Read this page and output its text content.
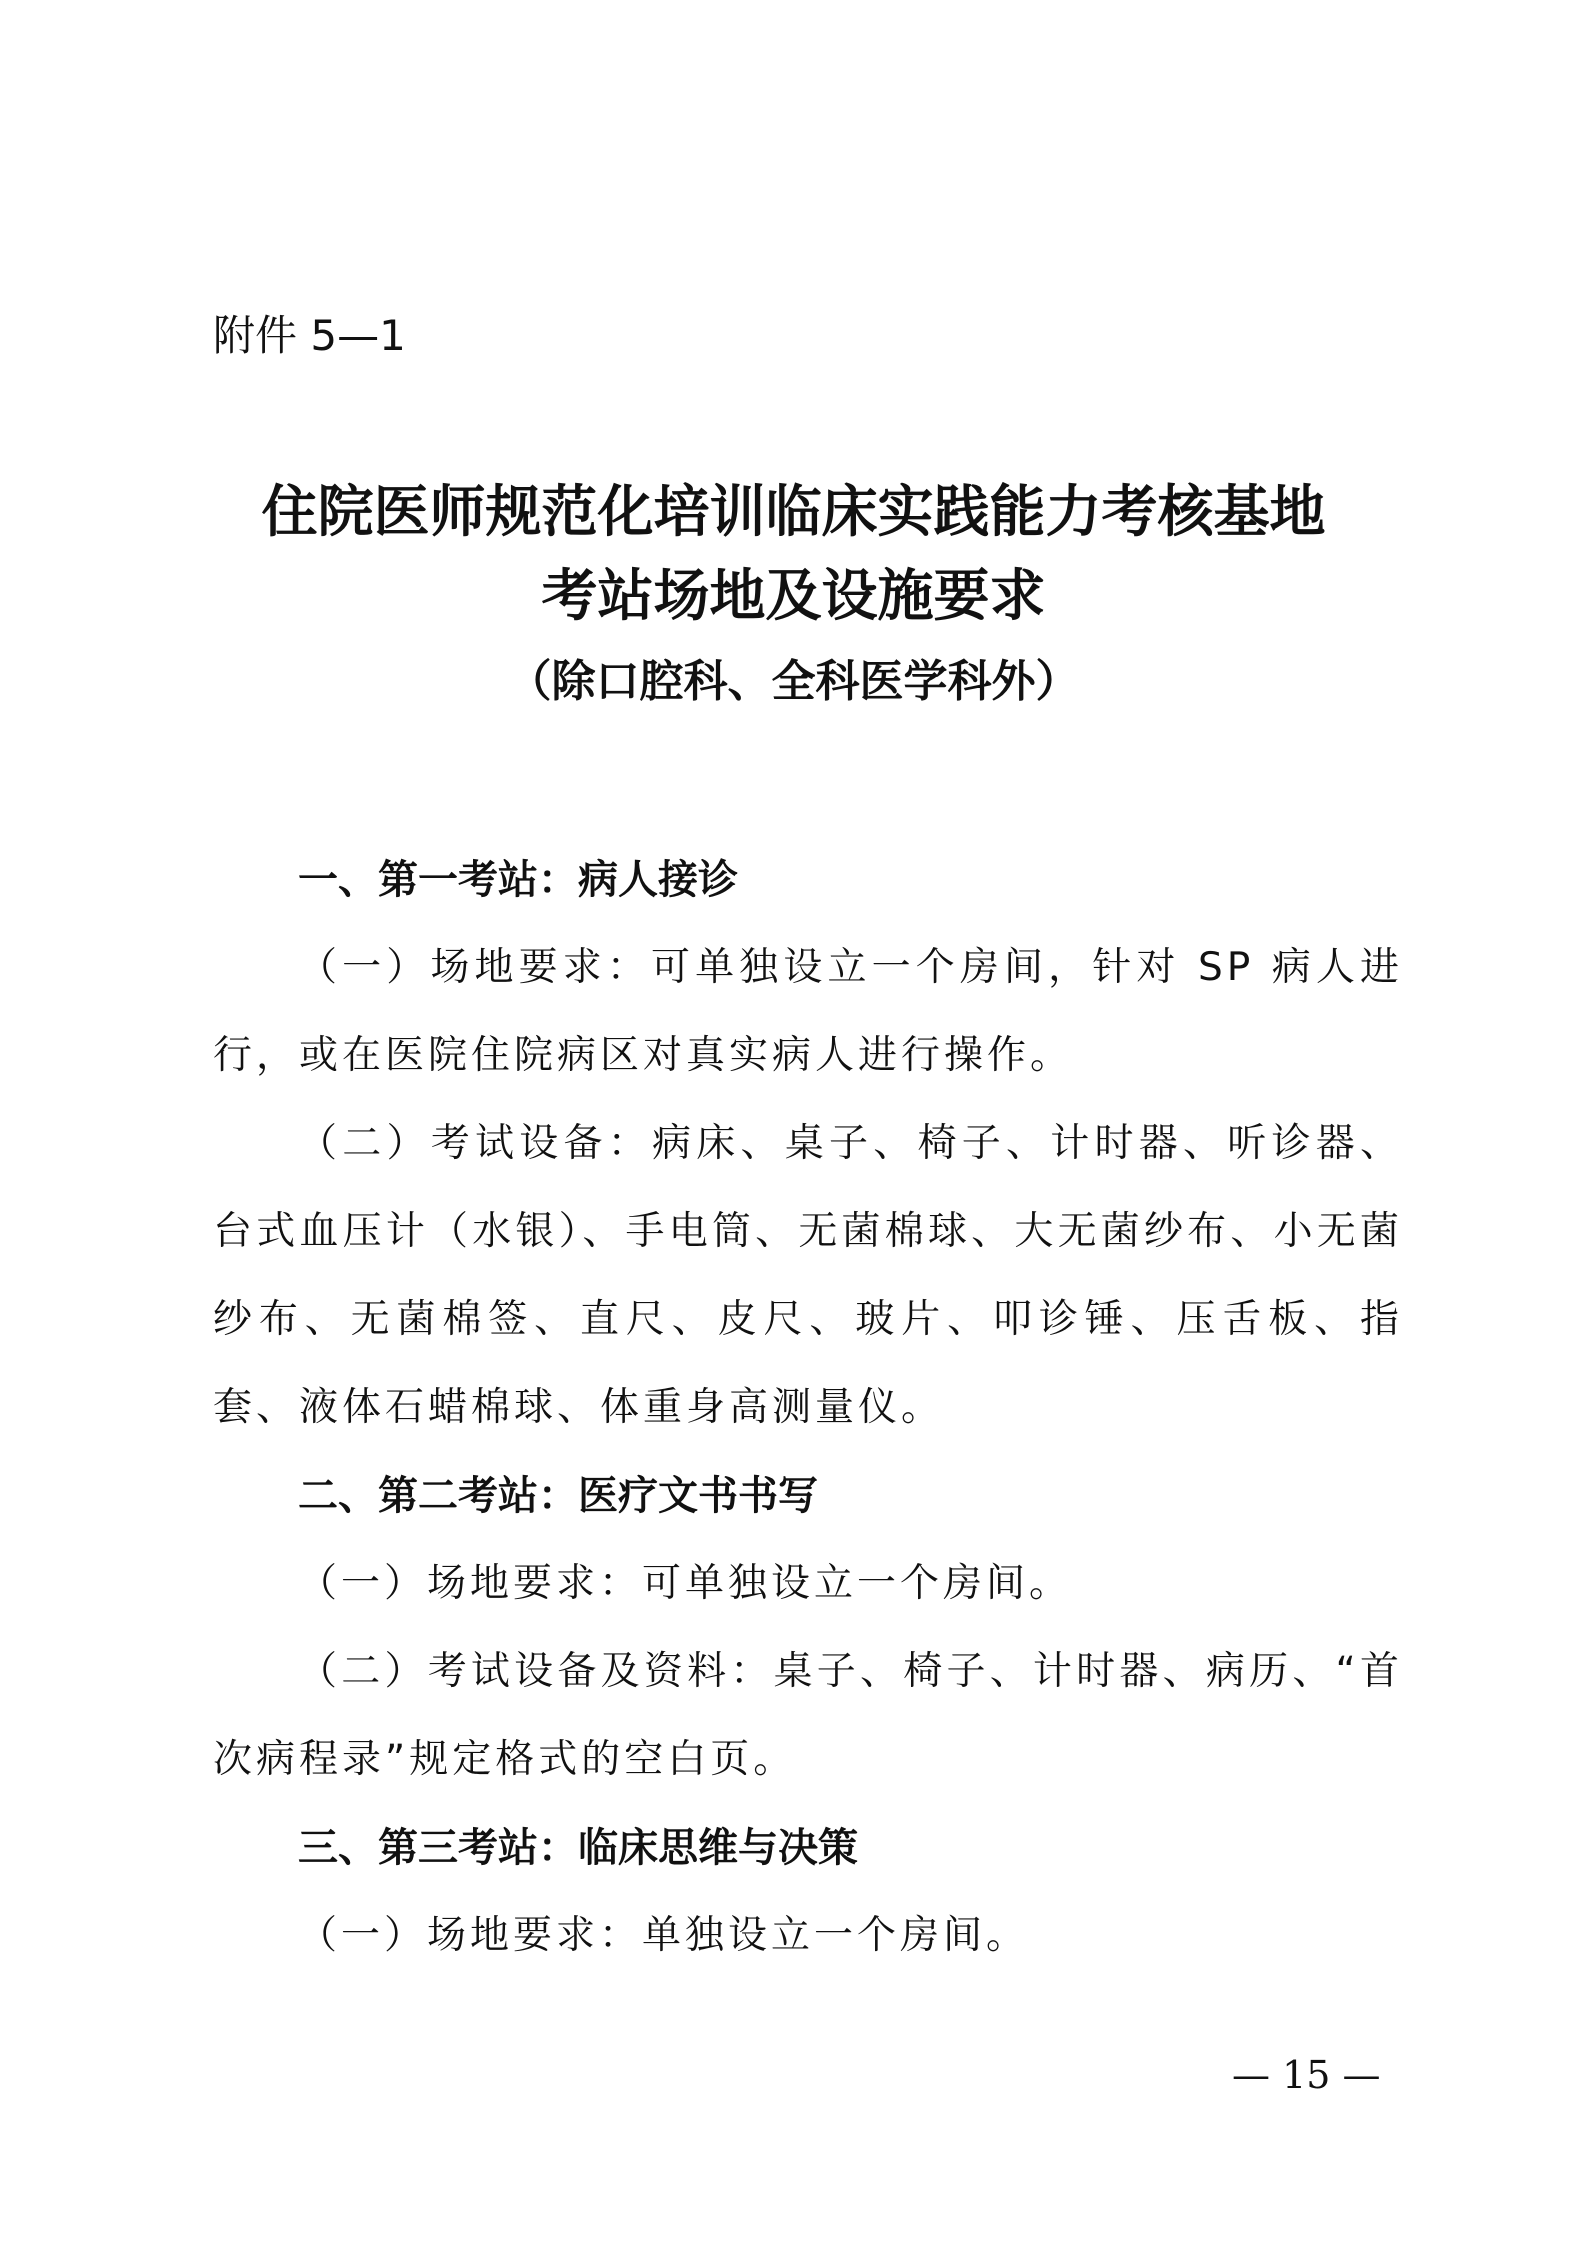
附件 5—1
住院医师规范化培训临床实践能力考核基地
考站场地及设施要求
（除口腔科、全科医学科外）
一、第一考站：病人接诊

（一）场地要求：可单独设立一个房间，针对 SP 病人进行，或在医院住院病区对真实病人进行操作。

（二）考试设备：病床、桌子、椅子、计时器、听诊器、台式血压计（水银）、手电筒、无菌棉球、大无菌纱布、小无菌纱布、无菌棉签、直尺、皮尺、玻片、叩诊锤、压舌板、指套、液体石蜡棉球、体重身高测量仪。

二、第二考站：医疗文书书写

（一）场地要求：可单独设立一个房间。

（二）考试设备及资料：桌子、椅子、计时器、病历、“首次病程录”规定格式的空白页。

三、第三考站：临床思维与决策

（一）场地要求：单独设立一个房间。

— 15 —
